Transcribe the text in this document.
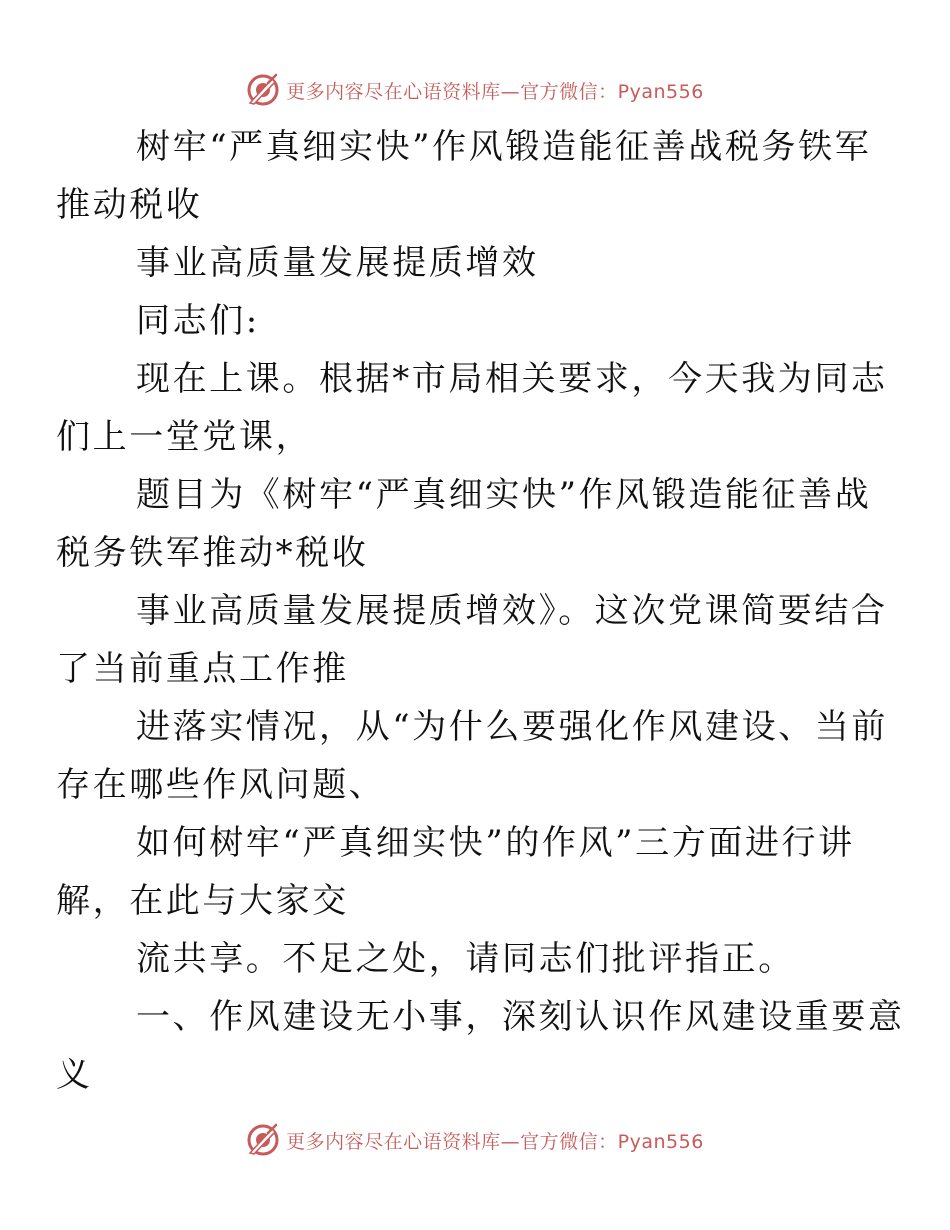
更多内容尽在心语资料库—官方微信：Pyan556

树牢“严真细实快”作风锻造能征善战税务铁军
推动税收

事业高质量发展提质增效

同志们:

现在上课。根据*市局相关要求，今天我为同志
们上一堂党课，

题目为《树牢“严真细实快”作风锻造能征善战
税务铁军推动*税收

事业高质量发展提质增效》。这次党课简要结合
了当前重点工作推

进落实情况，从“为什么要强化作风建设、当前
存在哪些作风问题、

如何树牢“严真细实快”的作风”三方面进行讲
解，在此与大家交

流共享。不足之处，请同志们批评指正。

一、作风建设无小事，深刻认识作风建设重要意
义

更多内容尽在心语资料库—官方微信：Pyan556
